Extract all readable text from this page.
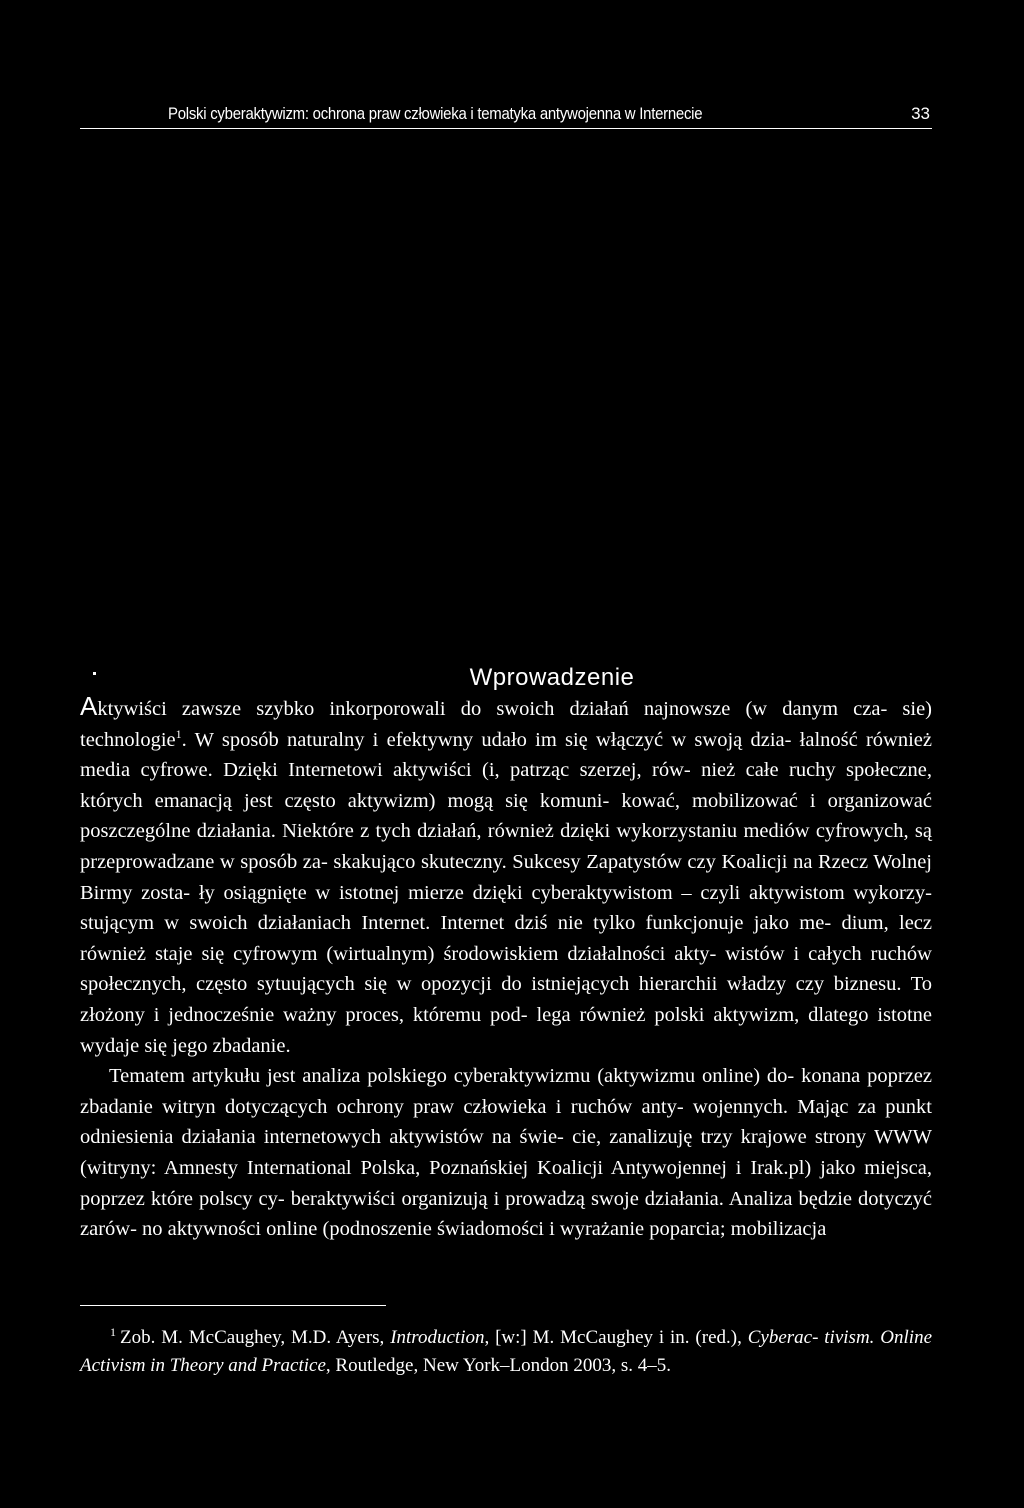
Polski cyberaktywizm: ochrona praw człowieka i tematyka antywojenna w Internecie	33
Wprowadzenie

Aktywiści zawsze szybko inkorporowali do swoich działań najnowsze (w danym cza- sie) technologie$^1$. W sposób naturalny i efektywny udało im się włączyć w swoją dzia- łalność również media cyfrowe. Dzięki Internetowi aktywiści (i, patrząc szerzej, rów- nież całe ruchy społeczne, których emanacją jest często aktywizm) mogą się komuni- kować, mobilizować i organizować poszczególne działania. Niektóre z tych działań, również dzięki wykorzystaniu mediów cyfrowych, są przeprowadzane w sposób za- skakująco skuteczny. Sukcesy Zapatystów czy Koalicji na Rzecz Wolnej Birmy zosta- ły osiągnięte w istotnej mierze dzięki cyberaktywistom – czyli aktywistom wykorzy- stującym w swoich działaniach Internet. Internet dziś nie tylko funkcjonuje jako me- dium, lecz również staje się cyfrowym (wirtualnym) środowiskiem działalności akty- wistów i całych ruchów społecznych, często sytuujących się w opozycji do istniejących hierarchii władzy czy biznesu. To złożony i jednocześnie ważny proces, któremu pod- lega również polski aktywizm, dlatego istotne wydaje się jego zbadanie.

Tematem artykułu jest analiza polskiego cyberaktywizmu (aktywizmu online) do- konana poprzez zbadanie witryn dotyczących ochrony praw człowieka i ruchów anty- wojennych. Mając za punkt odniesienia działania internetowych aktywistów na świe- cie, zanalizuję trzy krajowe strony WWW (witryny: Amnesty International Polska, Poznańskiej Koalicji Antywojennej i Irak.pl) jako miejsca, poprzez które polscy cy- beraktywiści organizują i prowadzą swoje działania. Analiza będzie dotyczyć zarów- no aktywności online (podnoszenie świadomości i wyrażanie poparcia; mobilizacja

$^1$ Zob. M. McCaughey, M.D. Ayers, Introduction, [w:] M. McCaughey i in. (red.), Cyberac- tivism. Online Activism in Theory and Practice, Routledge, New York–London 2003, s. 4–5.
